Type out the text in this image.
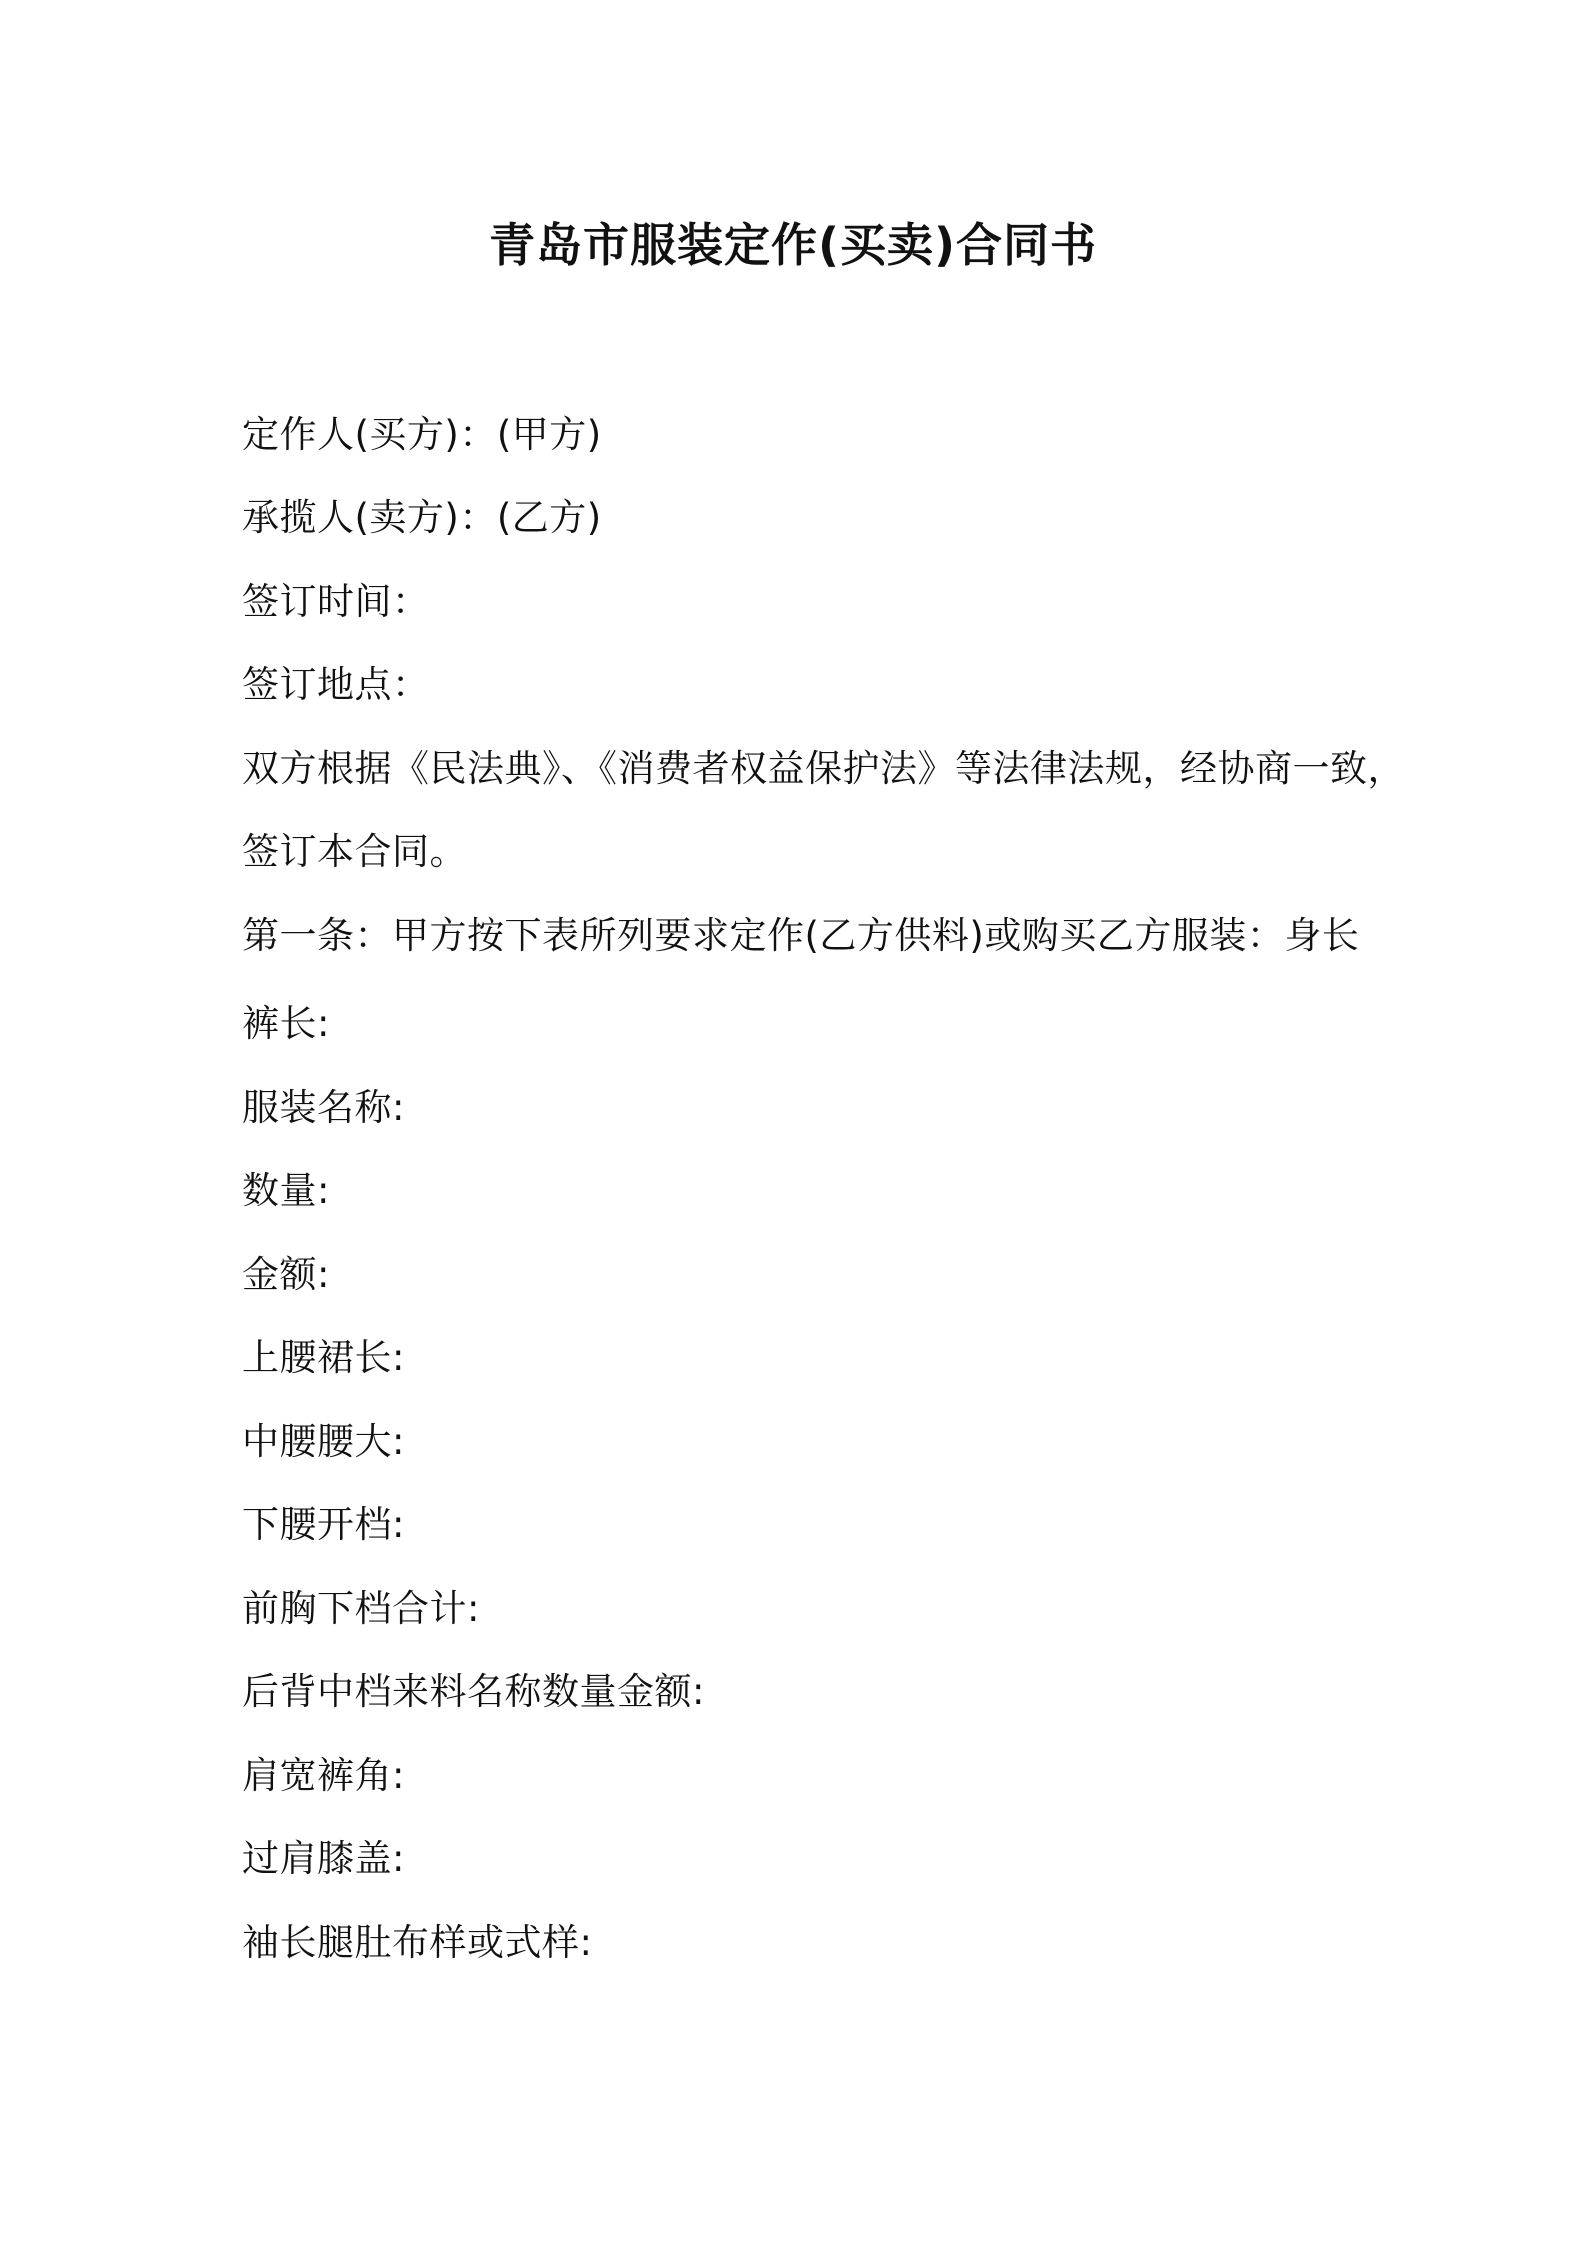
青岛市服装定作(买卖)合同书
定作人(买方)：(甲方)
承揽人(卖方)：(乙方)
签订时间：
签订地点：
双方根据《民法典》、《消费者权益保护法》等法律法规，经协商一致，
签订本合同。
第一条：甲方按下表所列要求定作(乙方供料)或购买乙方服装：身长
裤长:
服装名称:
数量:
金额:
上腰裙长:
中腰腰大:
下腰开档:
前胸下档合计:
后背中档来料名称数量金额:
肩宽裤角:
过肩膝盖:
袖长腿肚布样或式样:
